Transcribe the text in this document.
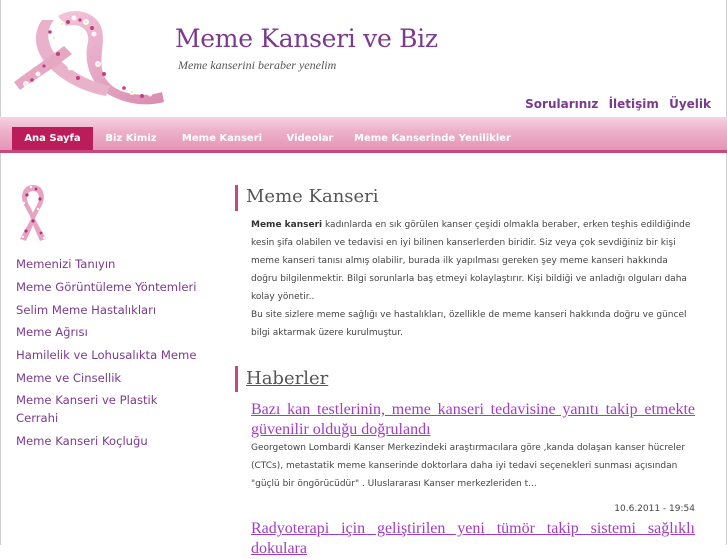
Meme Kanseri ve Biz
Meme kanserini beraber yenelim
Sorularınız İletişim Üyelik
Ana Sayfa	Biz Kimiz	Meme Kanseri	Videolar	Meme Kanserinde Yenilikler
Memenizi Tanıyın
Meme Görüntüleme Yöntemleri
Selim Meme Hastalıkları
Meme Ağrısı
Hamilelik ve Lohusalıkta Meme
Meme ve Cinsellik
Meme Kanseri ve Plastik
Cerrahi
Meme Kanseri Koçluğu
Meme Kanseri
Meme kanseri kadınlarda en sık görülen kanser çeşidi olmakla beraber, erken teşhis edildiğinde kesin şifa olabilen ve tedavisi en iyi bilinen kanserlerden biridir. Siz veya çok sevdiğiniz bir kişi meme kanseri tanısı almış olabilir, burada ilk yapılması gereken şey meme kanseri hakkında doğru bilgilenmektir. Bilgi sorunlarla baş etmeyi kolaylaştırır. Kişi bildiği ve anladığı olguları daha kolay yönetir..
Bu site sizlere meme sağlığı ve hastalıkları, özellikle de meme kanseri hakkında doğru ve güncel bilgi aktarmak üzere kurulmuştur.
Haberler
Bazı kan testlerinin, meme kanseri tedavisine yanıtı takip etmekte
güvenilir olduğu doğrulandı
Georgetown Lombardi Kanser Merkezindeki araştırmacılara göre ,kanda dolaşan kanser hücreler (CTCs), metastatik meme kanserinde doktorlara daha iyi tedavi seçenekleri sunması açısından "güçlü bir öngörücüdür" . Uluslararası Kanser merkezleriden t...
10.6.2011 - 19:54
Radyoterapi için geliştirilen yeni tümör takip sistemi sağlıklı dokulara
